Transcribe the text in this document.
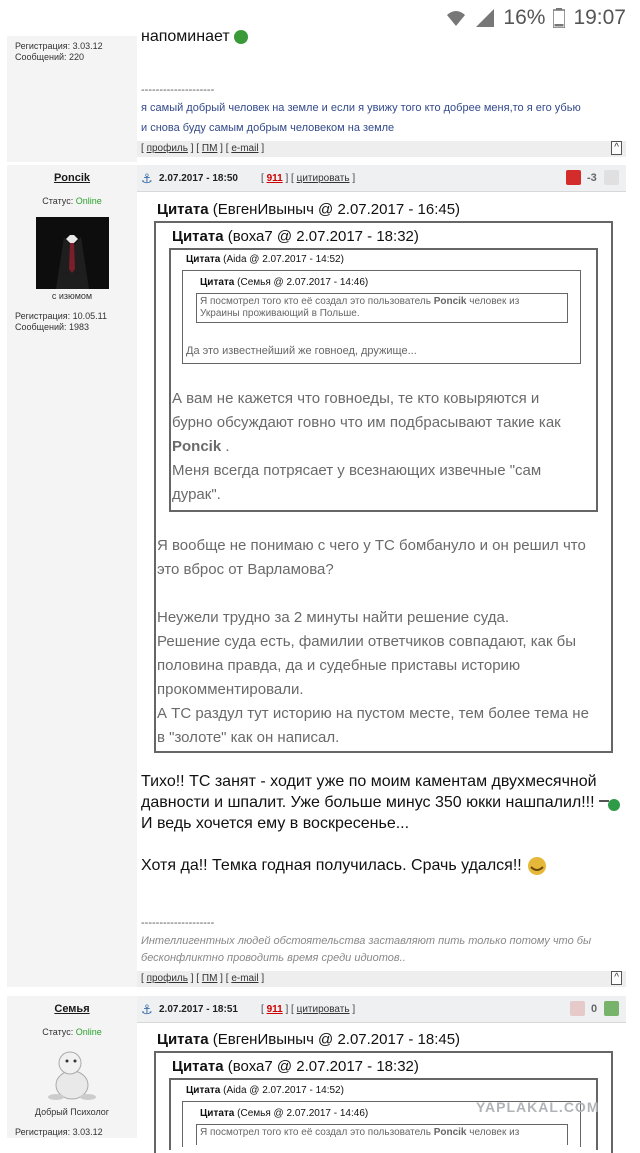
16% 19:07
Регистрация: 3.03.12
Сообщений: 220
напоминает
--------------------
я самый добрый человек на земле и если я увижу того кто добрее меня,то я его убью
и снова буду самым добрым человеком на земле
[ профиль ] [ ПМ ] [ e-mail ]	^
Poncik
Статус: Online
с изюмом
Регистрация: 10.05.11
Сообщений: 1983
⚓ 2.07.2017 - 18:50 [ 911 ] [ цитировать ]	-3
Цитата (ЕвгенИвыныч @ 2.07.2017 - 16:45)
Цитата (воха7 @ 2.07.2017 - 18:32)
Цитата (Aida @ 2.07.2017 - 14:52)
Цитата (Семья @ 2.07.2017 - 14:46)
Я посмотрел того кто её создал это пользователь Poncik человек из
Украины проживающий в Польше.
Да это известнейший же говноед, дружище...
А вам не кажется что говноеды, те кто ковыряются и
бурно обсуждают говно что им подбрасывают такие как
Poncik .
Меня всегда потрясает у всезнающих извечные "сам
дурак".
Я вообще не понимаю с чего у ТС бомбануло и он решил что
это вброс от Варламова?
Неужели трудно за 2 минуты найти решение суда.
Решение суда есть, фамилии ответчиков совпадают, как бы
половина правда, да и судебные приставы историю
прокомментировали.
А ТС раздул тут историю на пустом месте, тем более тема не
в "золоте" как он написал.
Тихо!! ТС занят - ходит уже по моим каментам двухмесячной
давности и шпалит. Уже больше минус 350 юкки нашпалил!!!
И ведь хочется ему в воскресенье...
Хотя да!! Темка годная получилась. Срачь удался!!
--------------------
Интеллигентных людей обстоятельства заставляют пить только потому что бы
бесконфликтно проводить время среди идиотов..
[ профиль ] [ ПМ ] [ e-mail ]	^
Семья
Статус: Online
Добрый Психолог
Регистрация: 3.03.12
⚓ 2.07.2017 - 18:51 [ 911 ] [ цитировать ]	0
Цитата (ЕвгенИвыныч @ 2.07.2017 - 18:45)
Цитата (воха7 @ 2.07.2017 - 18:32)
Цитата (Aida @ 2.07.2017 - 14:52)
Цитата (Семья @ 2.07.2017 - 14:46)
Я посмотрел того кто её создал это пользователь Poncik человек из
YAPLAKAL.COM
